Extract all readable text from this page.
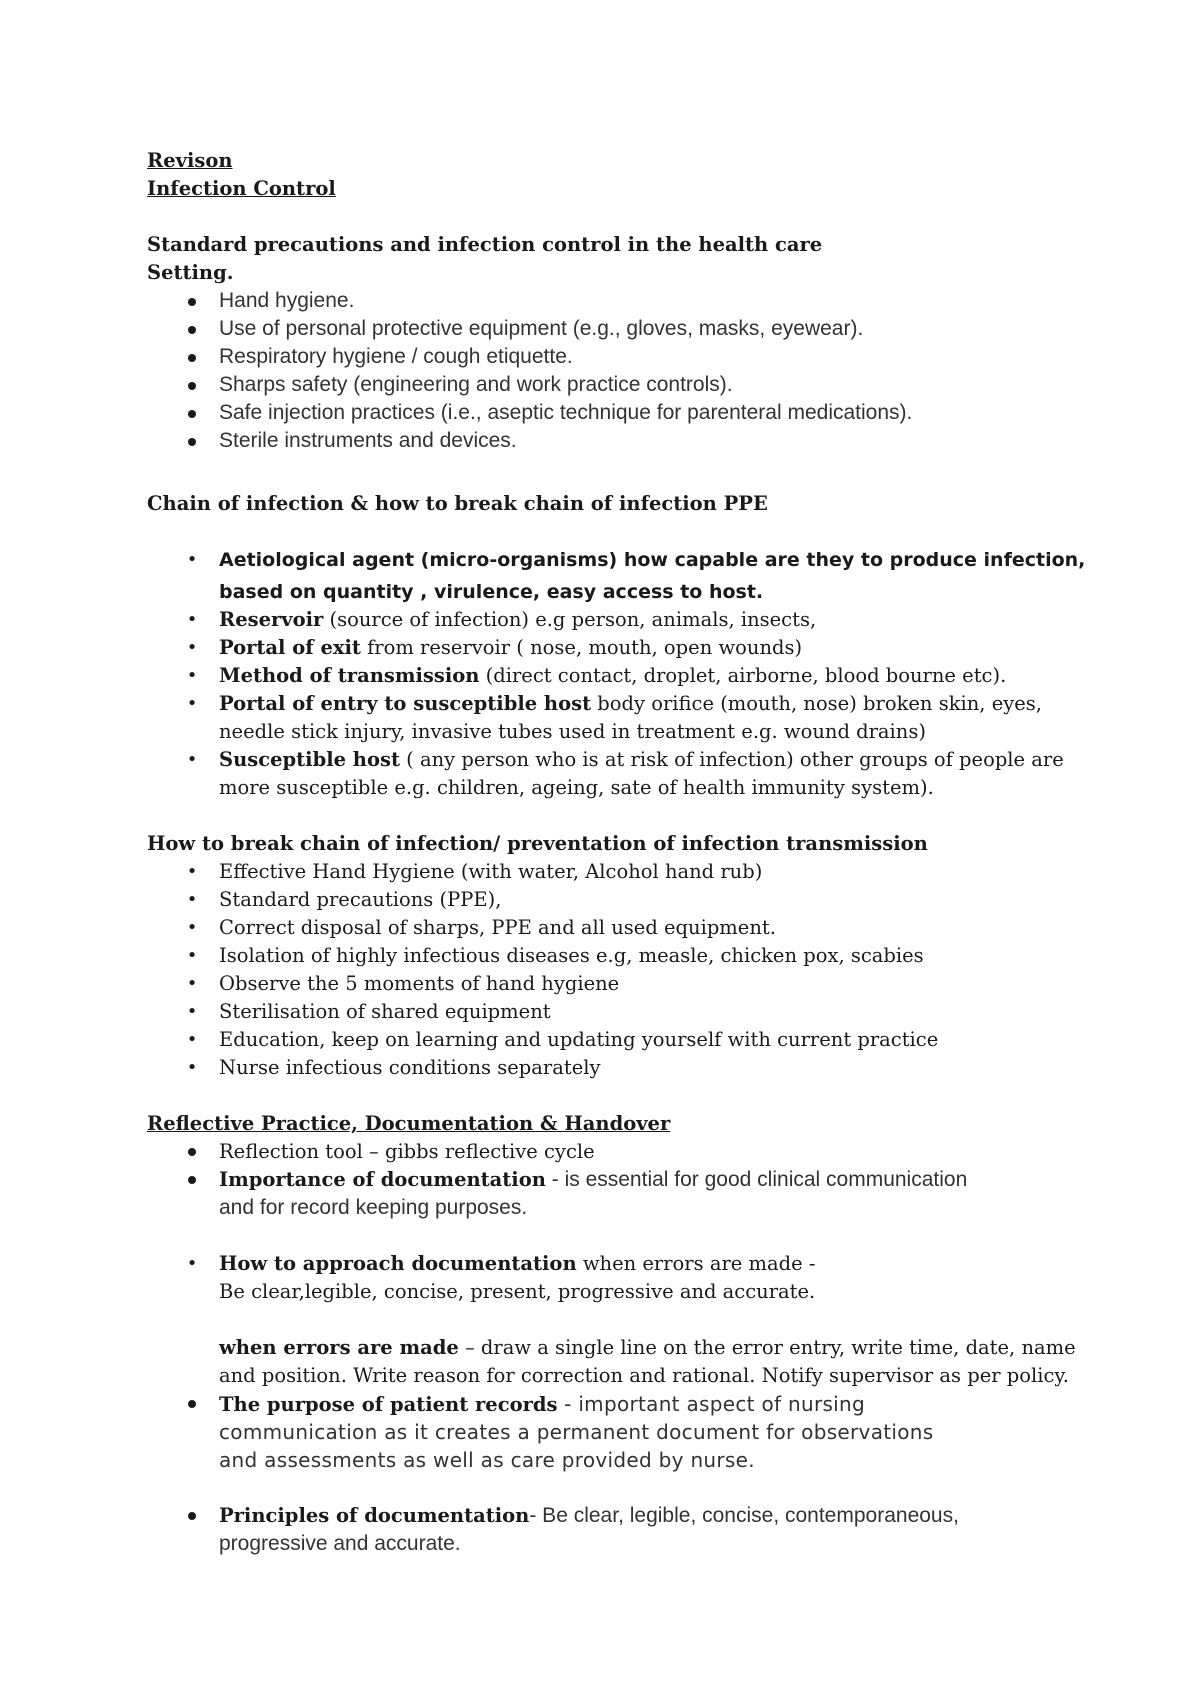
Revison
Infection Control
Standard precautions and infection control in the health care
Setting.
Hand hygiene.
Use of personal protective equipment (e.g., gloves, masks, eyewear).
Respiratory hygiene / cough etiquette.
Sharps safety (engineering and work practice controls).
Safe injection practices (i.e., aseptic technique for parenteral medications).
Sterile instruments and devices.
Chain of infection & how to break chain of infection PPE
• Aetiological agent (micro-organisms) how capable are they to produce infection,
based on quantity , virulence, easy access to host.
• Reservoir (source of infection) e.g person, animals, insects,
• Portal of exit from reservoir ( nose, mouth, open wounds)
• Method of transmission (direct contact, droplet, airborne, blood bourne etc).
• Portal of entry to susceptible host body orifice (mouth, nose) broken skin, eyes,
needle stick injury, invasive tubes used in treatment e.g. wound drains)
• Susceptible host ( any person who is at risk of infection) other groups of people are
more susceptible e.g. children, ageing, sate of health immunity system).
How to break chain of infection/ preventation of infection transmission
• Effective Hand Hygiene (with water, Alcohol hand rub)
• Standard precautions (PPE),
• Correct disposal of sharps, PPE and all used equipment.
• Isolation of highly infectious diseases e.g, measle, chicken pox, scabies
• Observe the 5 moments of hand hygiene
• Sterilisation of shared equipment
• Education, keep on learning and updating yourself with current practice
• Nurse infectious conditions separately
Reflective Practice, Documentation & Handover
Reflection tool – gibbs reflective cycle
Importance of documentation - is essential for good clinical communication
and for record keeping purposes.
• How to approach documentation when errors are made -
Be clear,legible, concise, present, progressive and accurate.
when errors are made – draw a single line on the error entry, write time, date, name
and position. Write reason for correction and rational. Notify supervisor as per policy.
The purpose of patient records - important aspect of nursing
communication as it creates a permanent document for observations
and assessments as well as care provided by nurse.
Principles of documentation- Be clear, legible, concise, contemporaneous,
progressive and accurate.
